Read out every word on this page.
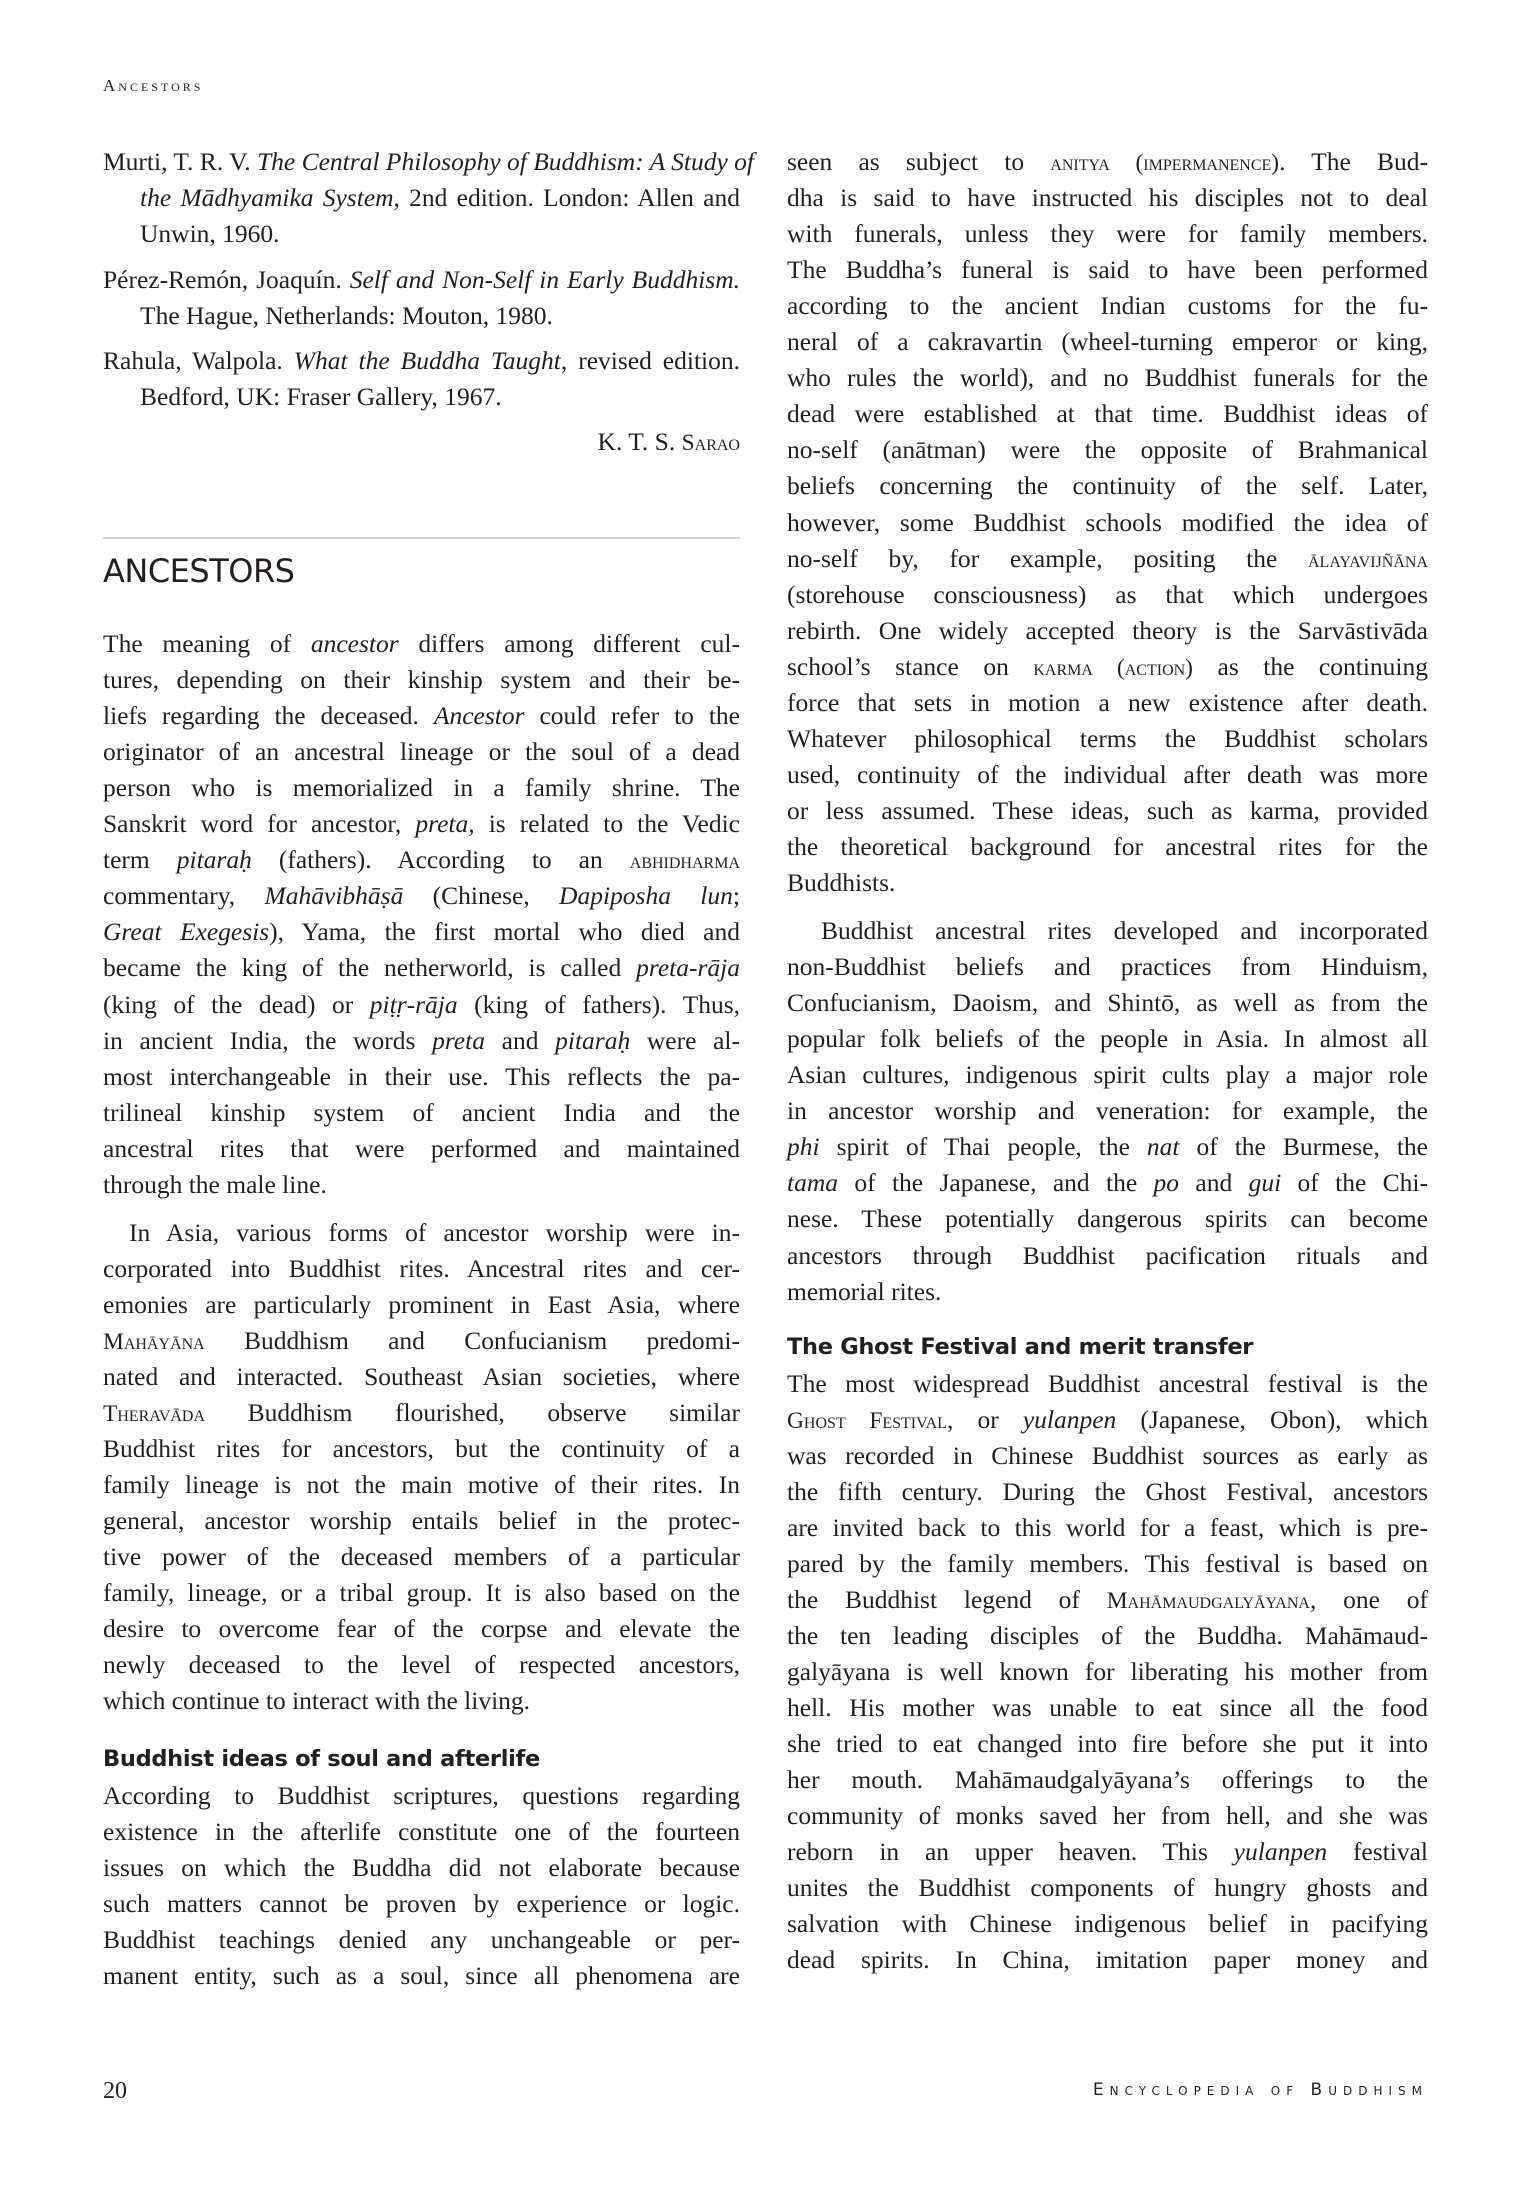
Ancestors
Murti, T. R. V. The Central Philosophy of Buddhism: A Study of
the Mādhyamika System, 2nd edition. London: Allen and
Unwin, 1960.
Pérez-Remón, Joaquín. Self and Non-Self in Early Buddhism.
The Hague, Netherlands: Mouton, 1980.
Rahula, Walpola. What the Buddha Taught, revised edition.
Bedford, UK: Fraser Gallery, 1967.
K. T. S. Sarao
ANCESTORS
Buddhist ideas of soul and afterlife
The meaning of ancestor differs among different cul-
tures, depending on their kinship system and their be-
liefs regarding the deceased. Ancestor could refer to the
originator of an ancestral lineage or the soul of a dead
person who is memorialized in a family shrine. The
Sanskrit word for ancestor, preta, is related to the Vedic
term pitaraḥ (fathers). According to an abhidharma
commentary, Mahāvibhāṣā (Chinese, Dapiposha lun;
Great Exegesis), Yama, the first mortal who died and
became the king of the netherworld, is called preta-rāja
(king of the dead) or piṭṛ-rāja (king of fathers). Thus,
in ancient India, the words preta and pitaraḥ were al-
most interchangeable in their use. This reflects the pa-
trilineal kinship system of ancient India and the
ancestral rites that were performed and maintained
through the male line.
In Asia, various forms of ancestor worship were in-
corporated into Buddhist rites. Ancestral rites and cer-
emonies are particularly prominent in East Asia, where
Mahāyāna Buddhism and Confucianism predomi-
nated and interacted. Southeast Asian societies, where
Theravāda Buddhism flourished, observe similar
Buddhist rites for ancestors, but the continuity of a
family lineage is not the main motive of their rites. In
general, ancestor worship entails belief in the protec-
tive power of the deceased members of a particular
family, lineage, or a tribal group. It is also based on the
desire to overcome fear of the corpse and elevate the
newly deceased to the level of respected ancestors,
which continue to interact with the living.
According to Buddhist scriptures, questions regarding
existence in the afterlife constitute one of the fourteen
issues on which the Buddha did not elaborate because
such matters cannot be proven by experience or logic.
Buddhist teachings denied any unchangeable or per-
manent entity, such as a soul, since all phenomena are
The Ghost Festival and merit transfer
seen as subject to anitya (impermanence). The Bud-
dha is said to have instructed his disciples not to deal
with funerals, unless they were for family members.
The Buddha’s funeral is said to have been performed
according to the ancient Indian customs for the fu-
neral of a cakravartin (wheel-turning emperor or king,
who rules the world), and no Buddhist funerals for the
dead were established at that time. Buddhist ideas of
no-self (anātman) were the opposite of Brahmanical
beliefs concerning the continuity of the self. Later,
however, some Buddhist schools modified the idea of
no-self by, for example, positing the ālayavijñāna
(storehouse consciousness) as that which undergoes
rebirth. One widely accepted theory is the Sarvāstivāda
school’s stance on karma (action) as the continuing
force that sets in motion a new existence after death.
Whatever philosophical terms the Buddhist scholars
used, continuity of the individual after death was more
or less assumed. These ideas, such as karma, provided
the theoretical background for ancestral rites for the
Buddhists.
Buddhist ancestral rites developed and incorporated
non-Buddhist beliefs and practices from Hinduism,
Confucianism, Daoism, and Shintō, as well as from the
popular folk beliefs of the people in Asia. In almost all
Asian cultures, indigenous spirit cults play a major role
in ancestor worship and veneration: for example, the
phi spirit of Thai people, the nat of the Burmese, the
tama of the Japanese, and the po and gui of the Chi-
nese. These potentially dangerous spirits can become
ancestors through Buddhist pacification rituals and
memorial rites.
The most widespread Buddhist ancestral festival is the
Ghost Festival, or yulanpen (Japanese, Obon), which
was recorded in Chinese Buddhist sources as early as
the fifth century. During the Ghost Festival, ancestors
are invited back to this world for a feast, which is pre-
pared by the family members. This festival is based on
the Buddhist legend of Mahāmaudgalyāyana, one of
the ten leading disciples of the Buddha. Mahāmaud-
galyāyana is well known for liberating his mother from
hell. His mother was unable to eat since all the food
she tried to eat changed into fire before she put it into
her mouth. Mahāmaudgalyāyana’s offerings to the
community of monks saved her from hell, and she was
reborn in an upper heaven. This yulanpen festival
unites the Buddhist components of hungry ghosts and
salvation with Chinese indigenous belief in pacifying
dead spirits. In China, imitation paper money and
20	Encyclopedia of Buddhism
